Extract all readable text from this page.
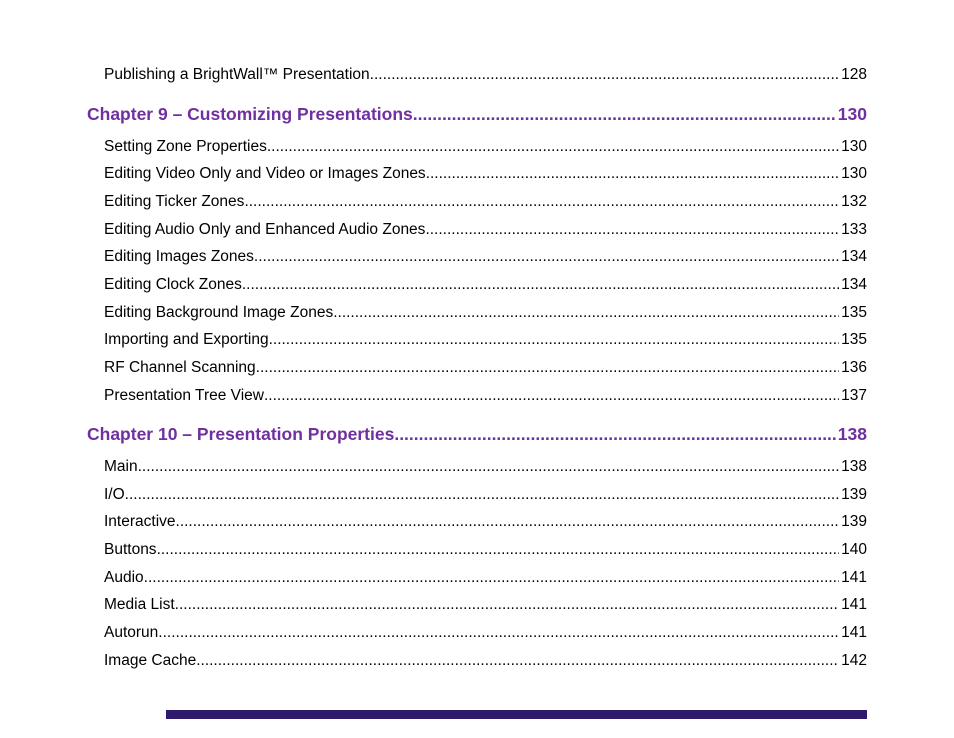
Publishing a BrightWall™ Presentation .....	128
Chapter 9 – Customizing Presentations .....	130
Setting Zone Properties .....	130
Editing Video Only and Video or Images Zones .....	130
Editing Ticker Zones .....	132
Editing Audio Only and Enhanced Audio Zones .....	133
Editing Images Zones .....	134
Editing Clock Zones .....	134
Editing Background Image Zones .....	135
Importing and Exporting .....	135
RF Channel Scanning .....	136
Presentation Tree View .....	137
Chapter 10 – Presentation Properties .....	138
Main .....	138
I/O .....	139
Interactive .....	139
Buttons .....	140
Audio .....	141
Media List .....	141
Autorun .....	141
Image Cache .....	142
